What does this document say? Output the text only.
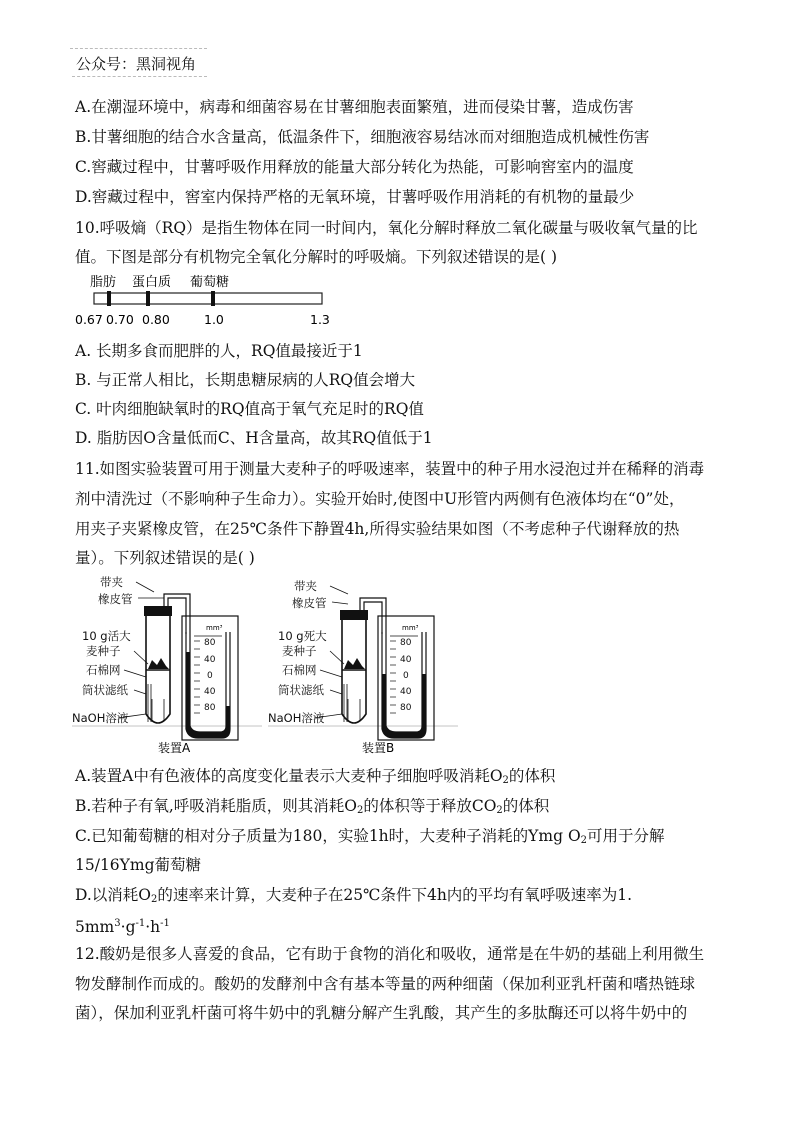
公众号：黑洞视角
A.在潮湿环境中，病毒和细菌容易在甘薯细胞表面繁殖，进而侵染甘薯，造成伤害
B.甘薯细胞的结合水含量高，低温条件下，细胞液容易结冰而对细胞造成机械性伤害
C.窖藏过程中，甘薯呼吸作用释放的能量大部分转化为热能，可影响窖室内的温度
D.窖藏过程中，窖室内保持严格的无氧环境，甘薯呼吸作用消耗的有机物的量最少
10.呼吸熵（RQ）是指生物体在同一时间内，氧化分解时释放二氧化碳量与吸收氧气量的比
值。下图是部分有机物完全氧化分解时的呼吸熵。下列叙述错误的是( )
脂肪 蛋白质 葡萄糖
0.67 0.70 0.80	1.0	1.3
A. 长期多食而肥胖的人，RQ值最接近于1
B. 与正常人相比，长期患糖尿病的人RQ值会增大
C. 叶肉细胞缺氧时的RQ值高于氧气充足时的RQ值
D. 脂肪因O含量低而C、H含量高，故其RQ值低于1
11.如图实验装置可用于测量大麦种子的呼吸速率，装置中的种子用水浸泡过并在稀释的消毒
剂中清洗过（不影响种子生命力）。实验开始时,使图中U形管内两侧有色液体均在“0”处，
用夹子夹紧橡皮管，在25℃条件下静置4h,所得实验结果如图（不考虑种子代谢释放的热
量）。下列叙述错误的是( )
带夹
橡皮管
10 g活大
麦种子
石棉网
筒状滤纸
NaOH溶液
mm³
80
40
0
40
80
装置A
带夹
橡皮管
10 g死大
麦种子
石棉网
筒状滤纸
NaOH溶液
mm³
80
40
0
40
80
装置B
A.装置A中有色液体的高度变化量表示大麦种子细胞呼吸消耗$O_2$的体积
B.若种子有氧,呼吸消耗脂质，则其消耗$O_2$的体积等于释放$CO_2$的体积
C.已知葡萄糖的相对分子质量为180，实验1h时，大麦种子消耗的Ymg $O_2$可用于分解
15/16Ymg葡萄糖
D.以消耗$O_2$的速率来计算，大麦种子在25℃条件下4h内的平均有氧呼吸速率为1.
$5mm^3\cdot g^{-1}\cdot h^{-1}$
12.酸奶是很多人喜爱的食品，它有助于食物的消化和吸收，通常是在牛奶的基础上利用微生
物发酵制作而成的。酸奶的发酵剂中含有基本等量的两种细菌（保加利亚乳杆菌和嗜热链球
菌），保加利亚乳杆菌可将牛奶中的乳糖分解产生乳酸，其产生的多肽酶还可以将牛奶中的
